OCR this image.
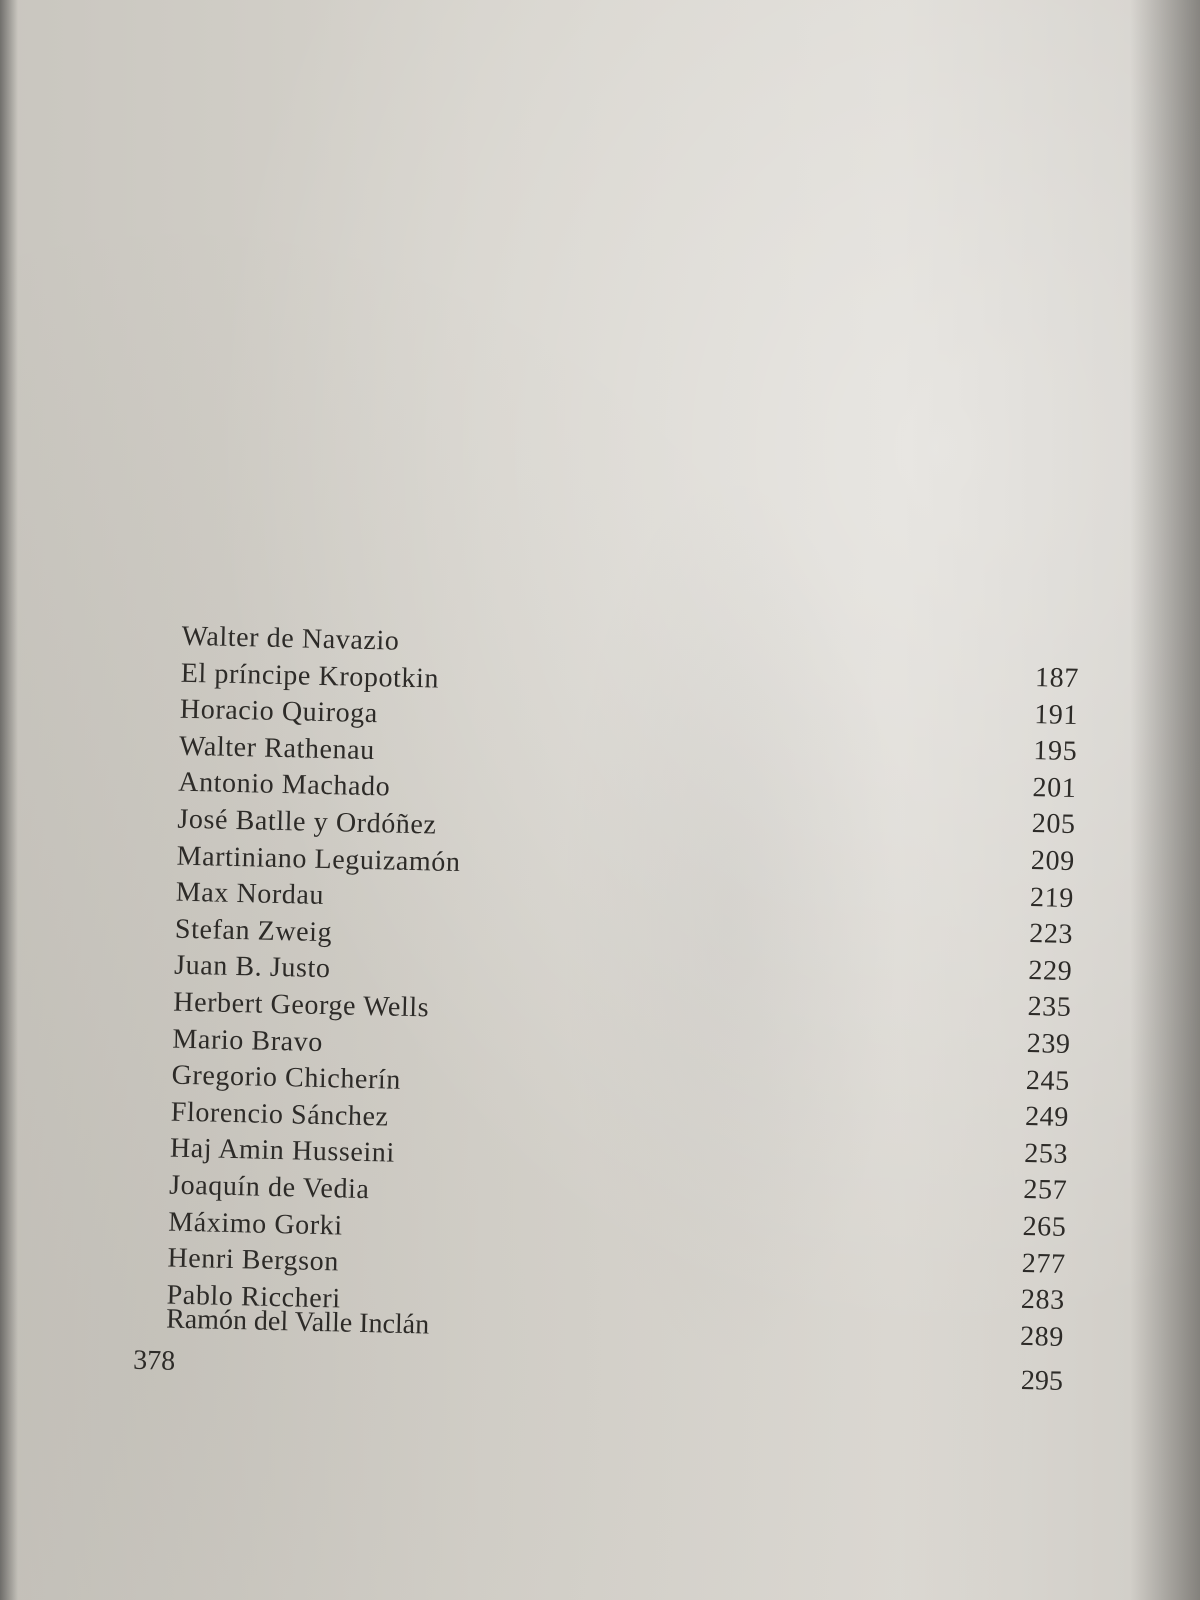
Walter de Navazio
187
El príncipe Kropotkin
191
Horacio Quiroga
195
Walter Rathenau
201
Antonio Machado
205
José Batlle y Ordóñez
209
Martiniano Leguizamón
219
Max Nordau
223
Stefan Zweig
229
Juan B. Justo
235
Herbert George Wells
239
Mario Bravo
245
Gregorio Chicherín
249
Florencio Sánchez
253
Haj Amin Husseini
257
Joaquín de Vedia
265
Máximo Gorki
277
Henri Bergson
283
Pablo Riccheri
289
Ramón del Valle Inclán
378
295
